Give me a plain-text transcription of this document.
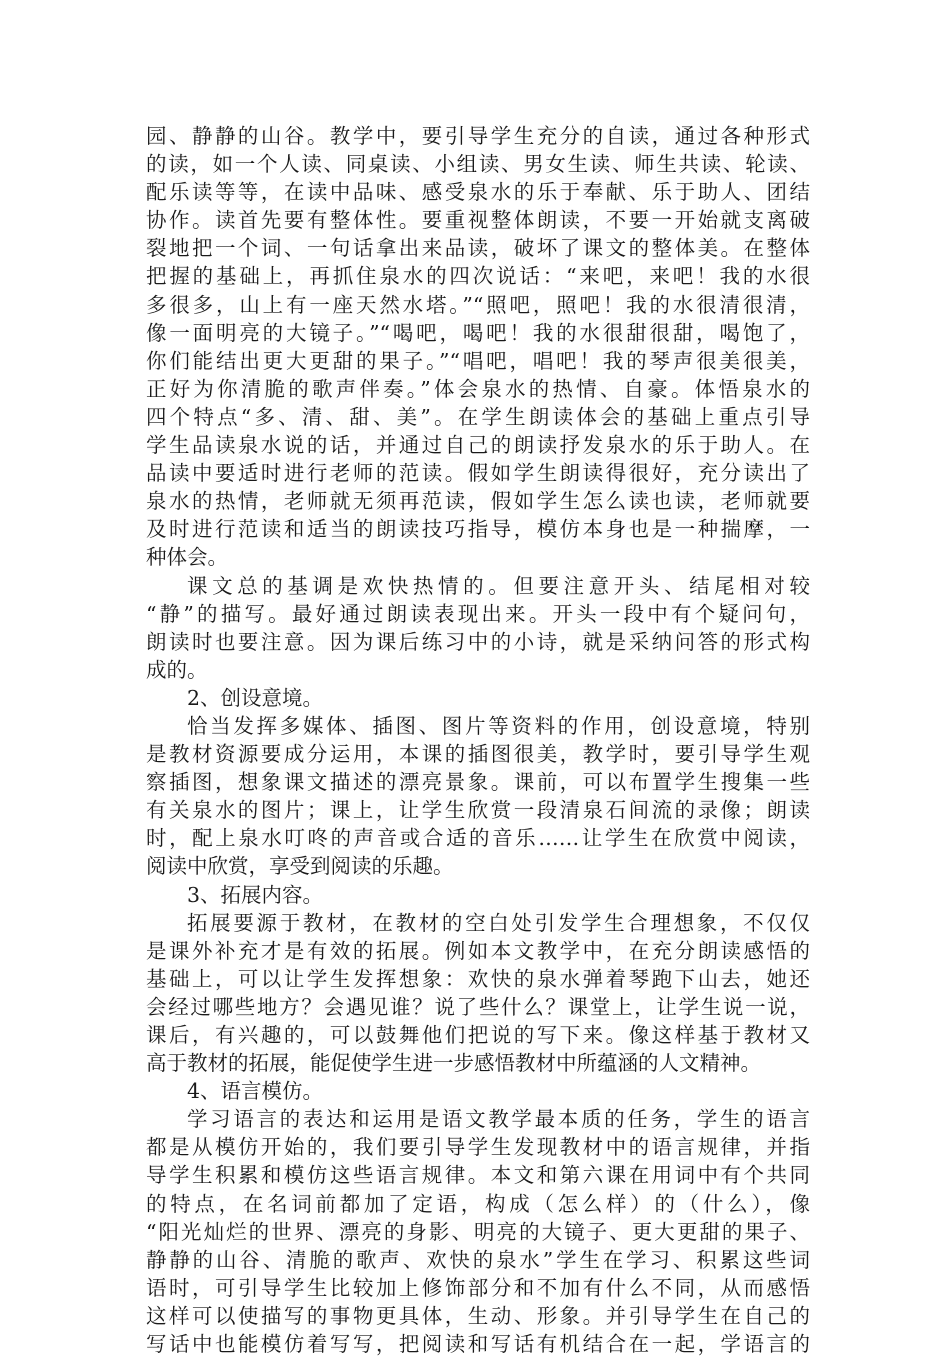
园、静静的山谷。教学中，要引导学生充分的自读，通过各种形式
的读，如一个人读、同桌读、小组读、男女生读、师生共读、轮读、
配乐读等等，在读中品味、感受泉水的乐于奉献、乐于助人、团结
协作。读首先要有整体性。要重视整体朗读，不要一开始就支离破
裂地把一个词、一句话拿出来品读，破坏了课文的整体美。在整体
把握的基础上，再抓住泉水的四次说话：“来吧，来吧！我的水很
多很多，山上有一座天然水塔。”“照吧，照吧！我的水很清很清，
像一面明亮的大镜子。”“喝吧，喝吧！我的水很甜很甜，喝饱了，
你们能结出更大更甜的果子。”“唱吧，唱吧！我的琴声很美很美，
正好为你清脆的歌声伴奏。”体会泉水的热情、自豪。体悟泉水的
四个特点“多、清、甜、美”。在学生朗读体会的基础上重点引导
学生品读泉水说的话，并通过自己的朗读抒发泉水的乐于助人。在
品读中要适时进行老师的范读。假如学生朗读得很好，充分读出了
泉水的热情，老师就无须再范读，假如学生怎么读也读，老师就要
及时进行范读和适当的朗读技巧指导，模仿本身也是一种揣摩，一
种体会。
课文总的基调是欢快热情的。但要注意开头、结尾相对较
“静”的描写。最好通过朗读表现出来。开头一段中有个疑问句，
朗读时也要注意。因为课后练习中的小诗，就是采纳问答的形式构
成的。
2、创设意境。
恰当发挥多媒体、插图、图片等资料的作用，创设意境，特别
是教材资源要成分运用，本课的插图很美，教学时，要引导学生观
察插图，想象课文描述的漂亮景象。课前，可以布置学生搜集一些
有关泉水的图片；课上，让学生欣赏一段清泉石间流的录像；朗读
时，配上泉水叮咚的声音或合适的音乐……让学生在欣赏中阅读，
阅读中欣赏，享受到阅读的乐趣。
3、拓展内容。
拓展要源于教材，在教材的空白处引发学生合理想象，不仅仅
是课外补充才是有效的拓展。例如本文教学中，在充分朗读感悟的
基础上，可以让学生发挥想象：欢快的泉水弹着琴跑下山去，她还
会经过哪些地方？会遇见谁？说了些什么？课堂上，让学生说一说，
课后，有兴趣的，可以鼓舞他们把说的写下来。像这样基于教材又
高于教材的拓展，能促使学生进一步感悟教材中所蕴涵的人文精神。
4、语言模仿。
学习语言的表达和运用是语文教学最本质的任务，学生的语言
都是从模仿开始的，我们要引导学生发现教材中的语言规律，并指
导学生积累和模仿这些语言规律。本文和第六课在用词中有个共同
的特点，在名词前都加了定语，构成（怎么样）的（什么），像
“阳光灿烂的世界、漂亮的身影、明亮的大镜子、更大更甜的果子、
静静的山谷、清脆的歌声、欢快的泉水”学生在学习、积累这些词
语时，可引导学生比较加上修饰部分和不加有什么不同，从而感悟
这样可以使描写的事物更具体，生动、形象。并引导学生在自己的
写话中也能模仿着写写，把阅读和写话有机结合在一起，学语言的
